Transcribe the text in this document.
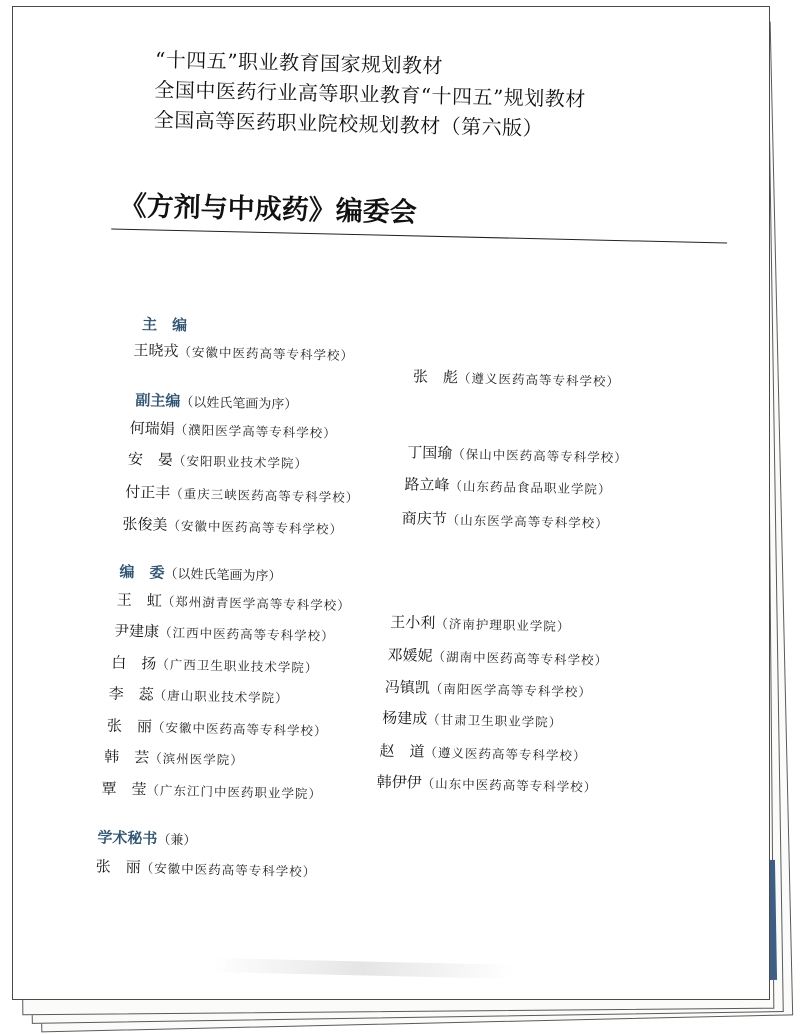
“十四五”职业教育国家规划教材
全国中医药行业高等职业教育“十四五”规划教材
全国高等医药职业院校规划教材（第六版）
《方剂与中成药》编委会
主　编
王晓戎（安徽中医药高等专科学校）
张　彪（遵义医药高等专科学校）
副主编（以姓氏笔画为序）
何瑞娟（濮阳医学高等专科学校）
丁国瑜（保山中医药高等专科学校）
安　晏（安阳职业技术学院）
路立峰（山东药品食品职业学院）
付正丰（重庆三峡医药高等专科学校）
商庆节（山东医学高等专科学校）
张俊美（安徽中医药高等专科学校）
编　委（以姓氏笔画为序）
王　虹（郑州澍青医学高等专科学校）
王小利（济南护理职业学院）
尹建康（江西中医药高等专科学校）
邓媛妮（湖南中医药高等专科学校）
白　扬（广西卫生职业技术学院）
冯镇凯（南阳医学高等专科学校）
李　蕊（唐山职业技术学院）
杨建成（甘肃卫生职业学院）
张　丽（安徽中医药高等专科学校）
赵　道（遵义医药高等专科学校）
韩　芸（滨州医学院）
韩伊伊（山东中医药高等专科学校）
覃　莹（广东江门中医药职业学院）
学术秘书（兼）
张　丽（安徽中医药高等专科学校）
